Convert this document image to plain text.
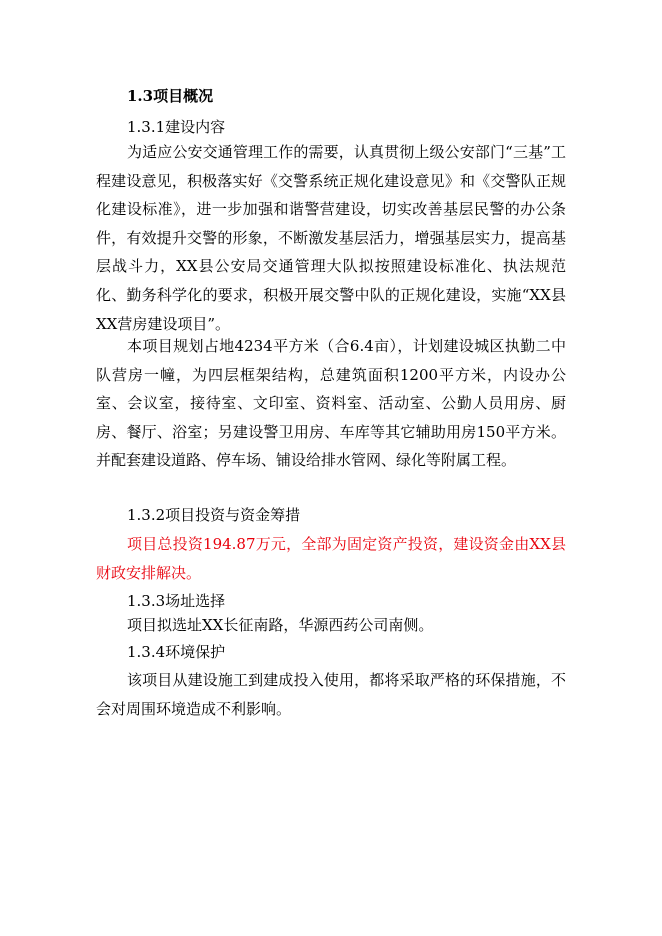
1.3项目概况
1.3.1建设内容

为适应公安交通管理工作的需要，认真贯彻上级公安部门“三基”工程建设意见，积极落实好《交警系统正规化建设意见》和《交警队正规化建设标准》，进一步加强和谐警营建设，切实改善基层民警的办公条件，有效提升交警的形象，不断激发基层活力，增强基层实力，提高基层战斗力，XX县公安局交通管理大队拟按照建设标准化、执法规范化、勤务科学化的要求，积极开展交警中队的正规化建设，实施“XX县XX营房建设项目”。

本项目规划占地4234平方米（合6.4亩），计划建设城区执勤二中队营房一幢，为四层框架结构，总建筑面积1200平方米，内设办公室、会议室，接待室、文印室、资料室、活动室、公勤人员用房、厨房、餐厅、浴室；另建设警卫用房、车库等其它辅助用房150平方米。并配套建设道路、停车场、铺设给排水管网、绿化等附属工程。

1.3.2项目投资与资金筹措

项目总投资194.87万元，全部为固定资产投资，建设资金由XX县财政安排解决。

1.3.3场址选择

项目拟选址XX长征南路，华源西药公司南侧。

1.3.4环境保护

该项目从建设施工到建成投入使用，都将采取严格的环保措施，不会对周围环境造成不利影响。
